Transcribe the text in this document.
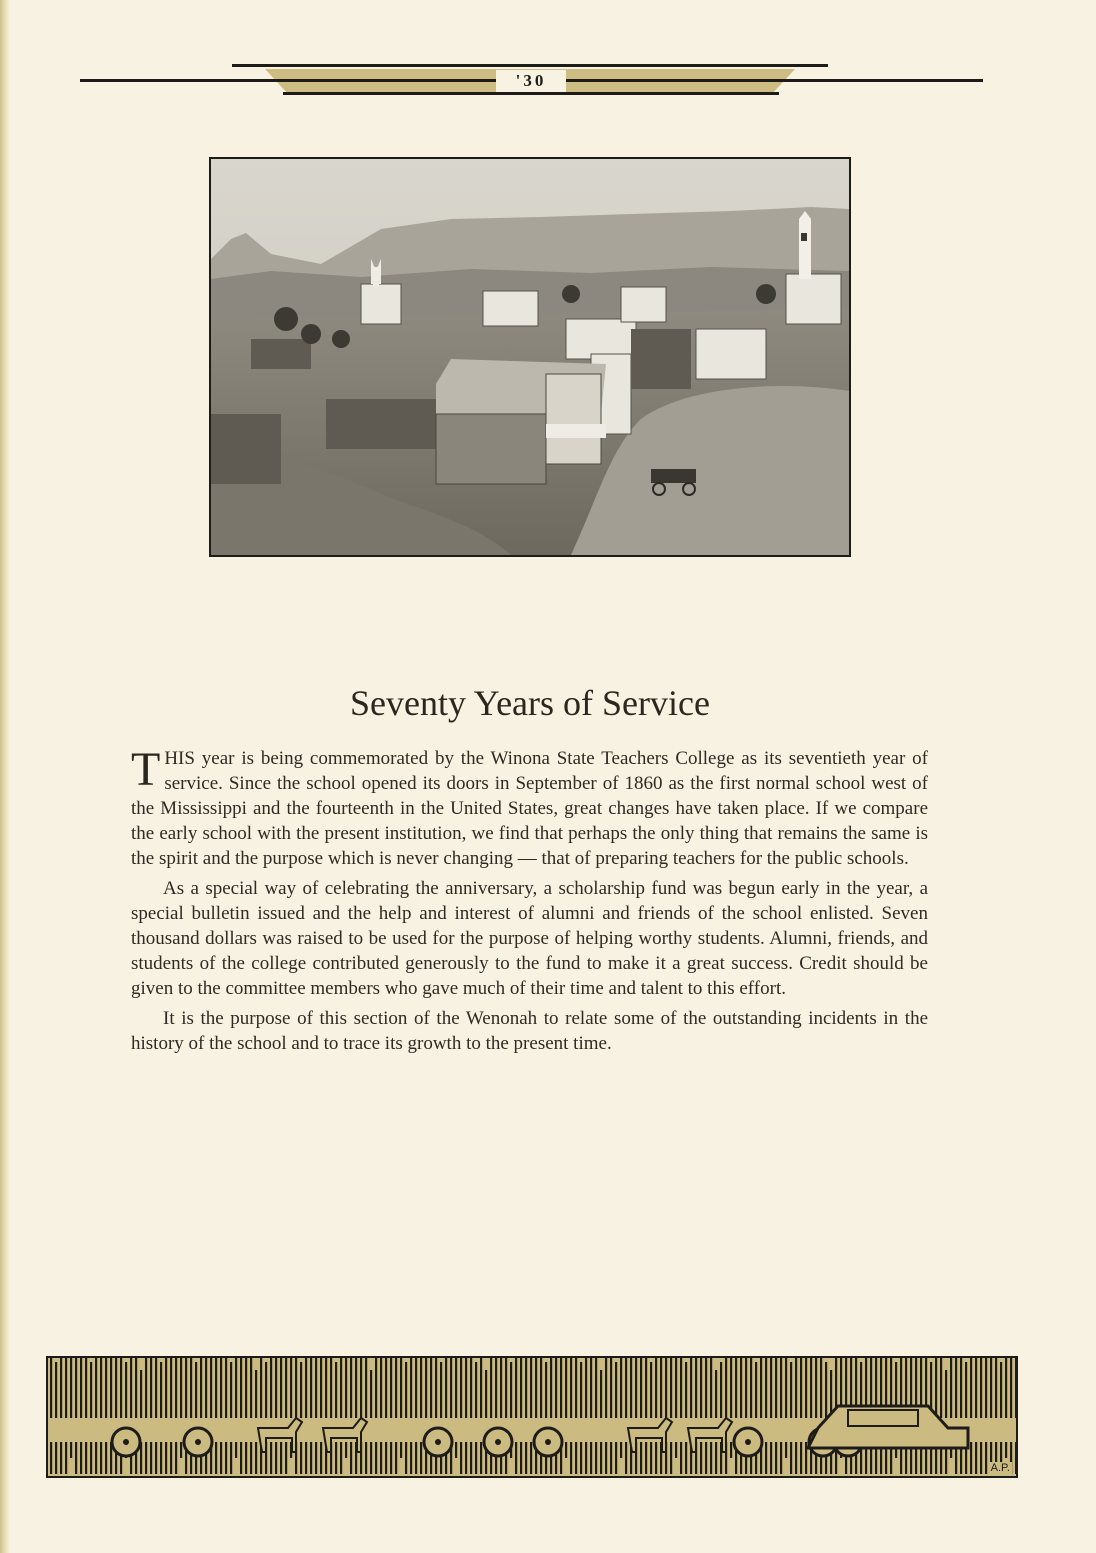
'30
Seventy Years of Service

THIS year is being commemorated by the Winona State Teachers College as its seventieth year of service. Since the school opened its doors in September of 1860 as the first normal school west of the Mississippi and the fourteenth in the United States, great changes have taken place. If we compare the early school with the present institution, we find that perhaps the only thing that remains the same is the spirit and the purpose which is never changing — that of preparing teachers for the public schools.

As a special way of celebrating the anniversary, a scholarship fund was begun early in the year, a special bulletin issued and the help and interest of alumni and friends of the school enlisted. Seven thousand dollars was raised to be used for the purpose of helping worthy students. Alumni, friends, and students of the college contributed generously to the fund to make it a great success. Credit should be given to the committee members who gave much of their time and talent to this effort.

It is the purpose of this section of the Wenonah to relate some of the outstanding incidents in the history of the school and to trace its growth to the present time.

A.P.
